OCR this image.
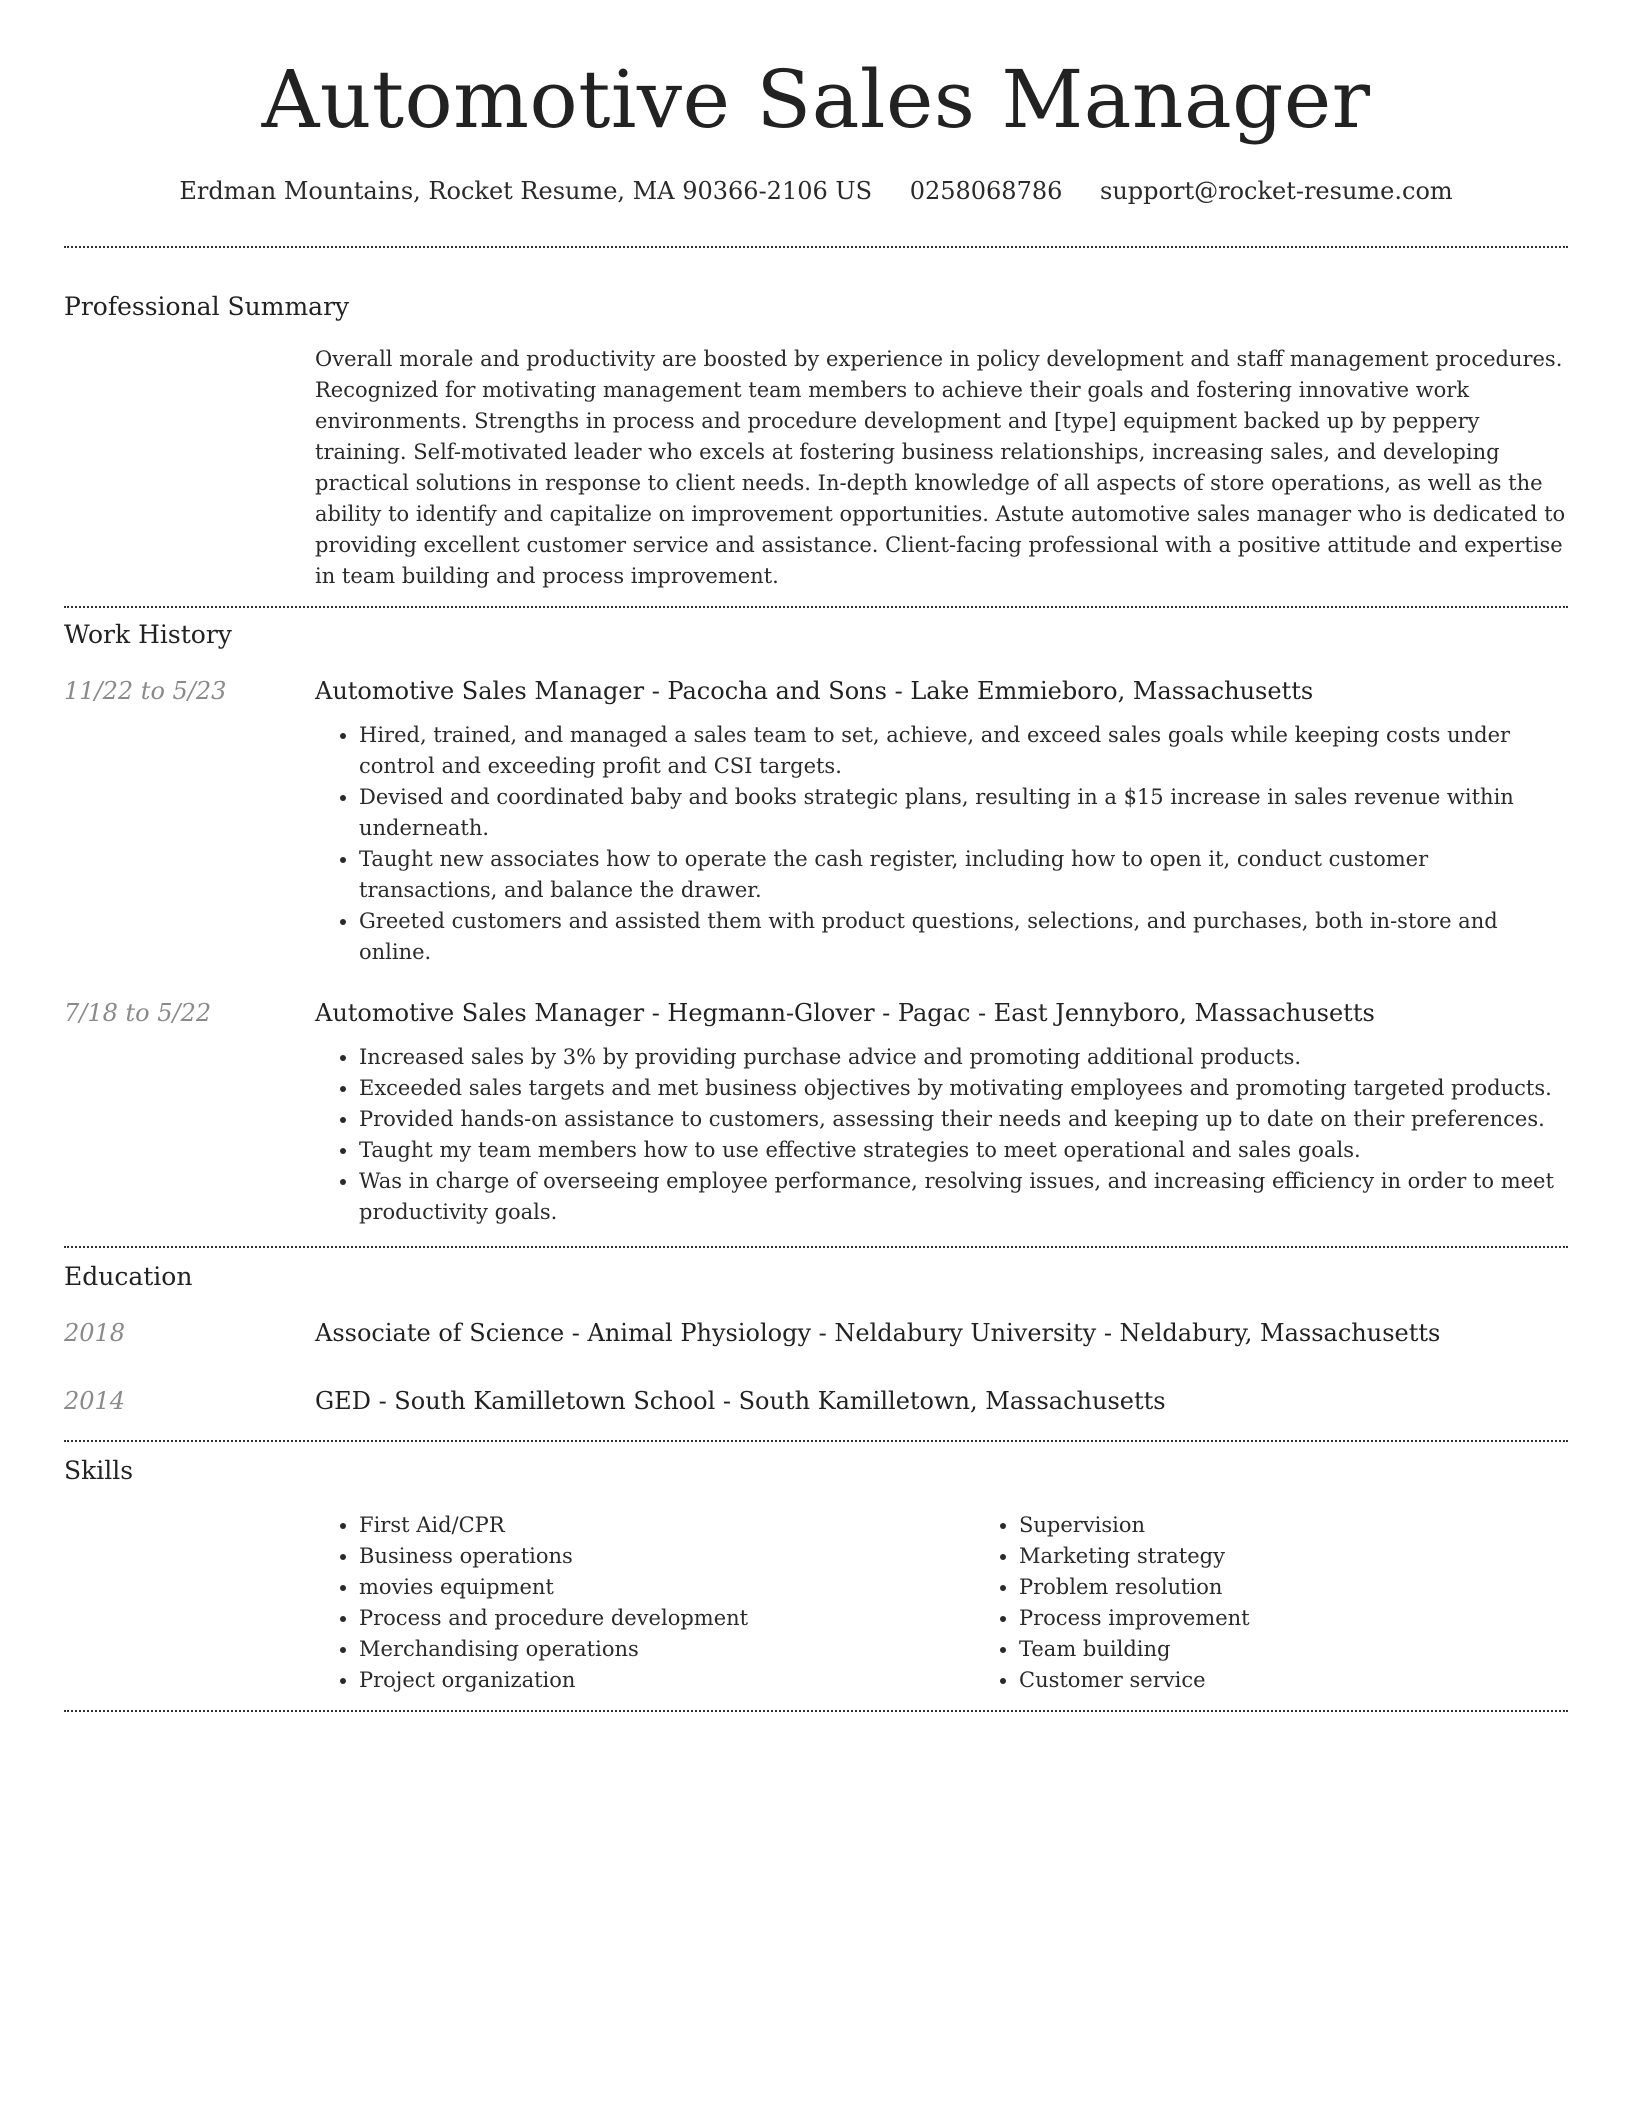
Automotive Sales Manager
Erdman Mountains, Rocket Resume, MA 90366-2106 US 0258068786 support@rocket-resume.com
Professional Summary

Overall morale and productivity are boosted by experience in policy development and staff management procedures. Recognized for motivating management team members to achieve their goals and fostering innovative work environments. Strengths in process and procedure development and [type] equipment backed up by peppery training. Self-motivated leader who excels at fostering business relationships, increasing sales, and developing practical solutions in response to client needs. In-depth knowledge of all aspects of store operations, as well as the ability to identify and capitalize on improvement opportunities. Astute automotive sales manager who is dedicated to providing excellent customer service and assistance. Client-facing professional with a positive attitude and expertise in team building and process improvement.

Work History
11/22 to 5/23	Automotive Sales Manager - Pacocha and Sons - Lake Emmieboro, Massachusetts
• Hired, trained, and managed a sales team to set, achieve, and exceed sales goals while keeping costs under control and exceeding profit and CSI targets.
• Devised and coordinated baby and books strategic plans, resulting in a $15 increase in sales revenue within underneath.
• Taught new associates how to operate the cash register, including how to open it, conduct customer transactions, and balance the drawer.
• Greeted customers and assisted them with product questions, selections, and purchases, both in-store and online.
7/18 to 5/22	Automotive Sales Manager - Hegmann-Glover - Pagac - East Jennyboro, Massachusetts
• Increased sales by 3% by providing purchase advice and promoting additional products.
• Exceeded sales targets and met business objectives by motivating employees and promoting targeted products.
• Provided hands-on assistance to customers, assessing their needs and keeping up to date on their preferences.
• Taught my team members how to use effective strategies to meet operational and sales goals.
• Was in charge of overseeing employee performance, resolving issues, and increasing efficiency in order to meet productivity goals.
Education
2018	Associate of Science - Animal Physiology - Neldabury University - Neldabury, Massachusetts
2014	GED - South Kamilletown School - South Kamilletown, Massachusetts
Skills
• First Aid/CPR
• Business operations
• movies equipment
• Process and procedure development
• Merchandising operations
• Project organization
• Supervision
• Marketing strategy
• Problem resolution
• Process improvement
• Team building
• Customer service
